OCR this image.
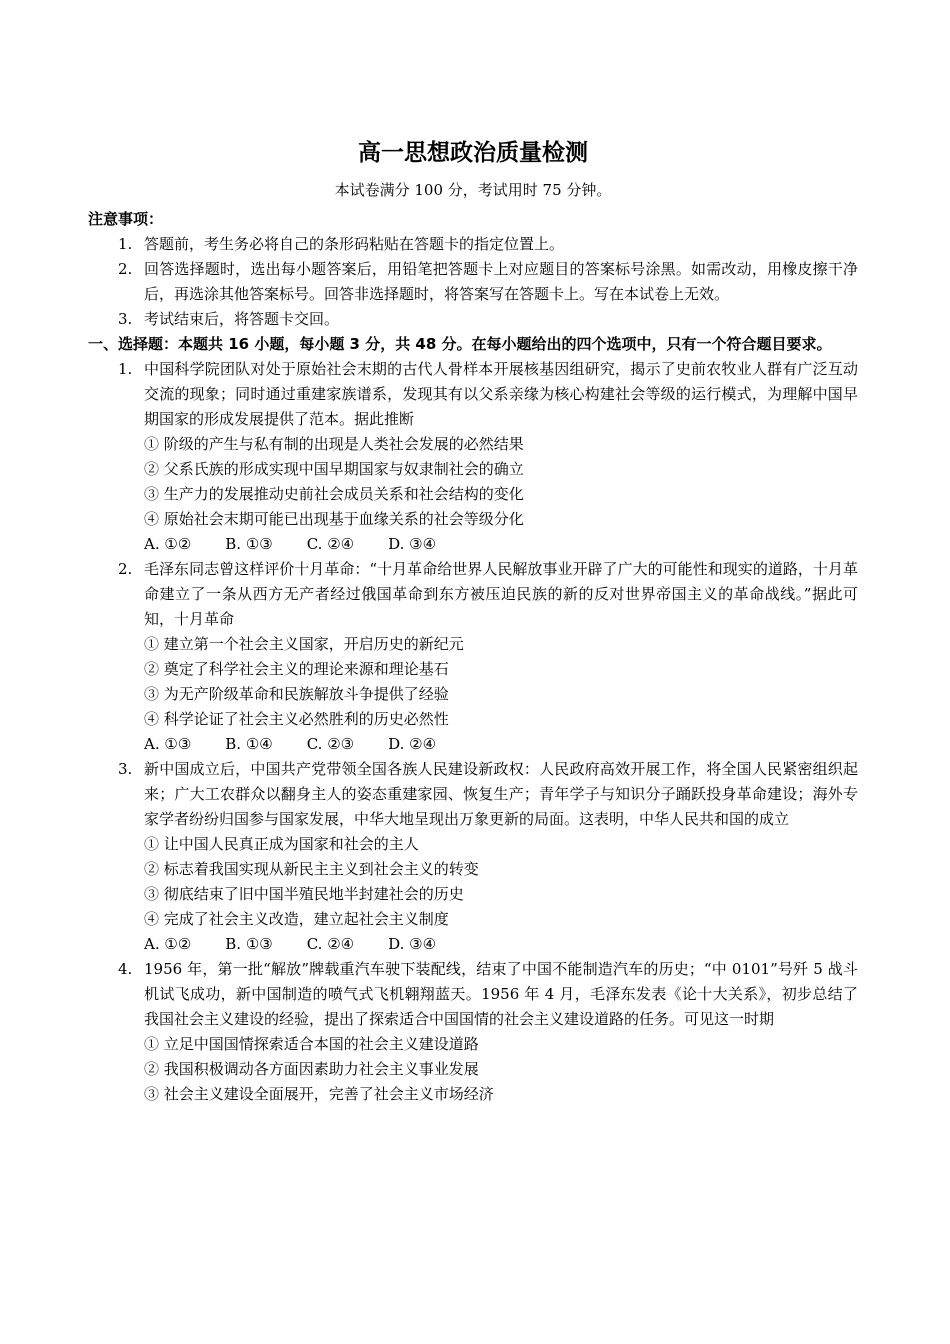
高一思想政治质量检测
本试卷满分 100 分，考试用时 75 分钟。
注意事项：
1. 答题前，考生务必将自己的条形码粘贴在答题卡的指定位置上。
2. 回答选择题时，选出每小题答案后，用铅笔把答题卡上对应题目的答案标号涂黑。如需改动，用橡皮擦干净后，再选涂其他答案标号。回答非选择题时，将答案写在答题卡上。写在本试卷上无效。
3. 考试结束后，将答题卡交回。
一、选择题：本题共 16 小题，每小题 3 分，共 48 分。在每小题给出的四个选项中，只有一个符合题目要求。
1. 中国科学院团队对处于原始社会末期的古代人骨样本开展核基因组研究，揭示了史前农牧业人群有广泛互动交流的现象；同时通过重建家族谱系，发现其有以父系亲缘为核心构建社会等级的运行模式，为理解中国早期国家的形成发展提供了范本。据此推断
① 阶级的产生与私有制的出现是人类社会发展的必然结果
② 父系氏族的形成实现中国早期国家与奴隶制社会的确立
③ 生产力的发展推动史前社会成员关系和社会结构的变化
④ 原始社会末期可能已出现基于血缘关系的社会等级分化
A. ①② B. ①③ C. ②④ D. ③④
2. 毛泽东同志曾这样评价十月革命：“十月革命给世界人民解放事业开辟了广大的可能性和现实的道路，十月革命建立了一条从西方无产者经过俄国革命到东方被压迫民族的新的反对世界帝国主义的革命战线。”据此可知，十月革命
① 建立第一个社会主义国家，开启历史的新纪元
② 奠定了科学社会主义的理论来源和理论基石
③ 为无产阶级革命和民族解放斗争提供了经验
④ 科学论证了社会主义必然胜利的历史必然性
A. ①③ B. ①④ C. ②③ D. ②④
3. 新中国成立后，中国共产党带领全国各族人民建设新政权：人民政府高效开展工作，将全国人民紧密组织起来；广大工农群众以翻身主人的姿态重建家园、恢复生产；青年学子与知识分子踊跃投身革命建设；海外专家学者纷纷归国参与国家发展，中华大地呈现出万象更新的局面。这表明，中华人民共和国的成立
① 让中国人民真正成为国家和社会的主人
② 标志着我国实现从新民主主义到社会主义的转变
③ 彻底结束了旧中国半殖民地半封建社会的历史
④ 完成了社会主义改造，建立起社会主义制度
A. ①② B. ①③ C. ②④ D. ③④
4. 1956 年，第一批“解放”牌载重汽车驶下装配线，结束了中国不能制造汽车的历史；“中 0101”号歼 5 战斗机试飞成功，新中国制造的喷气式飞机翱翔蓝天。1956 年 4 月，毛泽东发表《论十大关系》，初步总结了我国社会主义建设的经验，提出了探索适合中国国情的社会主义建设道路的任务。可见这一时期
① 立足中国国情探索适合本国的社会主义建设道路
② 我国积极调动各方面因素助力社会主义事业发展
③ 社会主义建设全面展开，完善了社会主义市场经济
